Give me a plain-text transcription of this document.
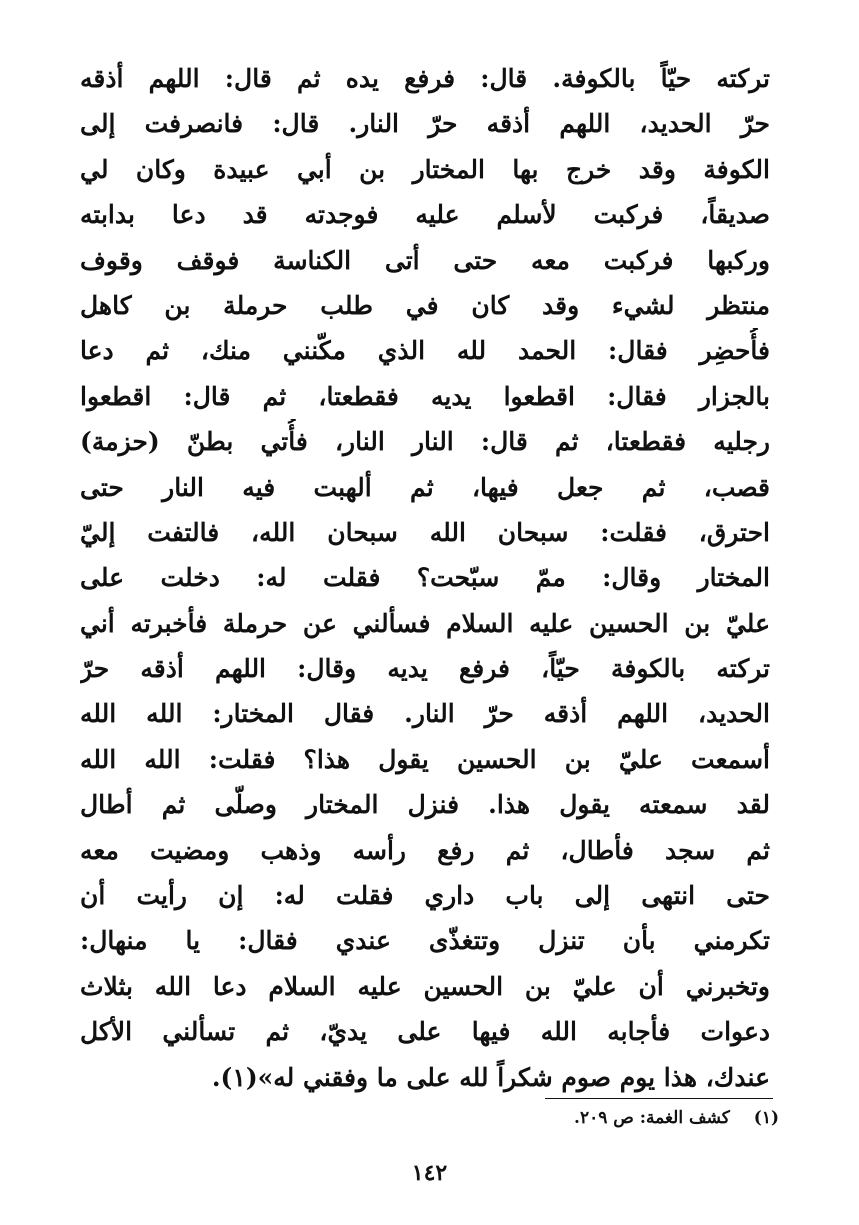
تركته حيّاً بالكوفة. قال: فرفع يده ثم قال: اللهم أذقه
حرّ الحديد، اللهم أذقه حرّ النار. قال: فانصرفت إلى
الكوفة وقد خرج بها المختار بن أبي عبيدة وكان لي
صديقاً، فركبت لأسلم عليه فوجدته قد دعا بدابته
وركبها فركبت معه حتى أتى الكناسة فوقف وقوف
منتظر لشيء وقد كان في طلب حرملة بن كاهل
فأُحضِر فقال: الحمد لله الذي مكّنني منك، ثم دعا
بالجزار فقال: اقطعوا يديه فقطعتا، ثم قال: اقطعوا
رجليه فقطعتا، ثم قال: النار النار، فأُتي بطنّ (حزمة)
قصب، ثم جعل فيها، ثم ألهبت فيه النار حتى
احترق، فقلت: سبحان الله سبحان الله، فالتفت إليّ
المختار وقال: ممّ سبّحت؟ فقلت له: دخلت على
عليّ بن الحسين عليه السلام فسألني عن حرملة فأخبرته أني
تركته بالكوفة حيّاً، فرفع يديه وقال: اللهم أذقه حرّ
الحديد، اللهم أذقه حرّ النار. فقال المختار: الله الله
أسمعت عليّ بن الحسين يقول هذا؟ فقلت: الله الله
لقد سمعته يقول هذا. فنزل المختار وصلّى ثم أطال
ثم سجد فأطال، ثم رفع رأسه وذهب ومضيت معه
حتى انتهى إلى باب داري فقلت له: إن رأيت أن
تكرمني بأن تنزل وتتغذّى عندي فقال: يا منهال:
وتخبرني أن عليّ بن الحسين عليه السلام دعا الله بثلاث
دعوات فأجابه الله فيها على يديّ، ثم تسألني الأكل
عندك، هذا يوم صوم شكراً لله على ما وفقني له»(١).
(١) كشف الغمة: ص ٢٠٩.
١٤٢
